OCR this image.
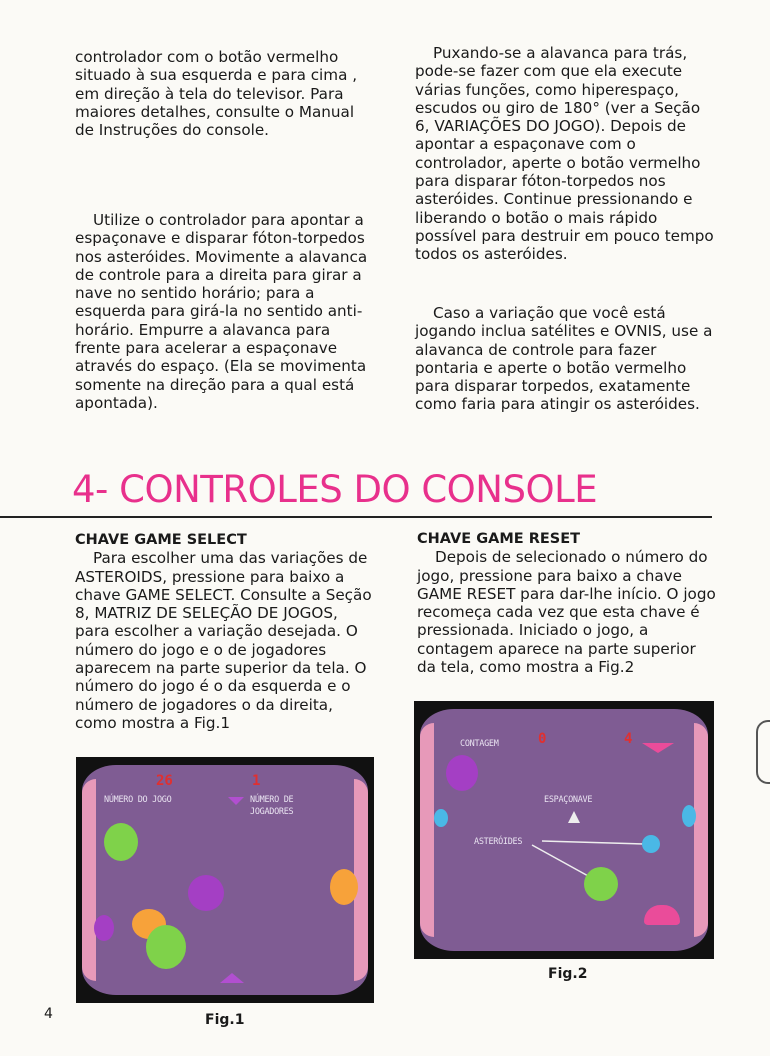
controlador com o botão vermelho situado à sua esquerda e para cima , em direção à tela do televisor. Para maiores detalhes, consulte o Manual de Instruções do console.

Utilize o controlador para apontar a espaçonave e disparar fóton-torpedos nos asteróides. Movimente a alavanca de controle para a direita para girar a nave no sentido horário; para a esquerda para girá-la no sentido anti-horário. Empurre a alavanca para frente para acelerar a espaçonave através do espaço. (Ela se movimenta somente na direção para a qual está apontada).

Puxando-se a alavanca para trás, pode-se fazer com que ela execute várias funções, como hiperespaço, escudos ou giro de 180° (ver a Seção 6, VARIAÇÕES DO JOGO). Depois de apontar a espaçonave com o controlador, aperte o botão vermelho para disparar fóton-torpedos nos asteróides. Continue pressionando e liberando o botão o mais rápido possível para destruir em pouco tempo todos os asteróides.

Caso a variação que você está jogando inclua satélites e OVNIS, use a alavanca de controle para fazer pontaria e aperte o botão vermelho para disparar torpedos, exatamente como faria para atingir os asteróides.

4- CONTROLES DO CONSOLE

CHAVE GAME SELECT

Para escolher uma das variações de ASTEROIDS, pressione para baixo a chave GAME SELECT. Consulte a Seção 8, MATRIZ DE SELEÇÃO DE JOGOS, para escolher a variação desejada. O número do jogo e o de jogadores aparecem na parte superior da tela. O número do jogo é o da esquerda e o número de jogadores o da direita, como mostra a Fig.1

CHAVE GAME RESET

Depois de selecionado o número do jogo, pressione para baixo a chave GAME RESET para dar-lhe início. O jogo recomeça cada vez que esta chave é pressionada. Iniciado o jogo, a contagem aparece na parte superior da tela, como mostra a Fig.2

26	1
NÚMERO DO JOGO	NÚMERO DE
JOGADORES
Fig.1
CONTAGEM	0	4
ESPAÇONAVE
ASTERÓIDES
Fig.2
4
